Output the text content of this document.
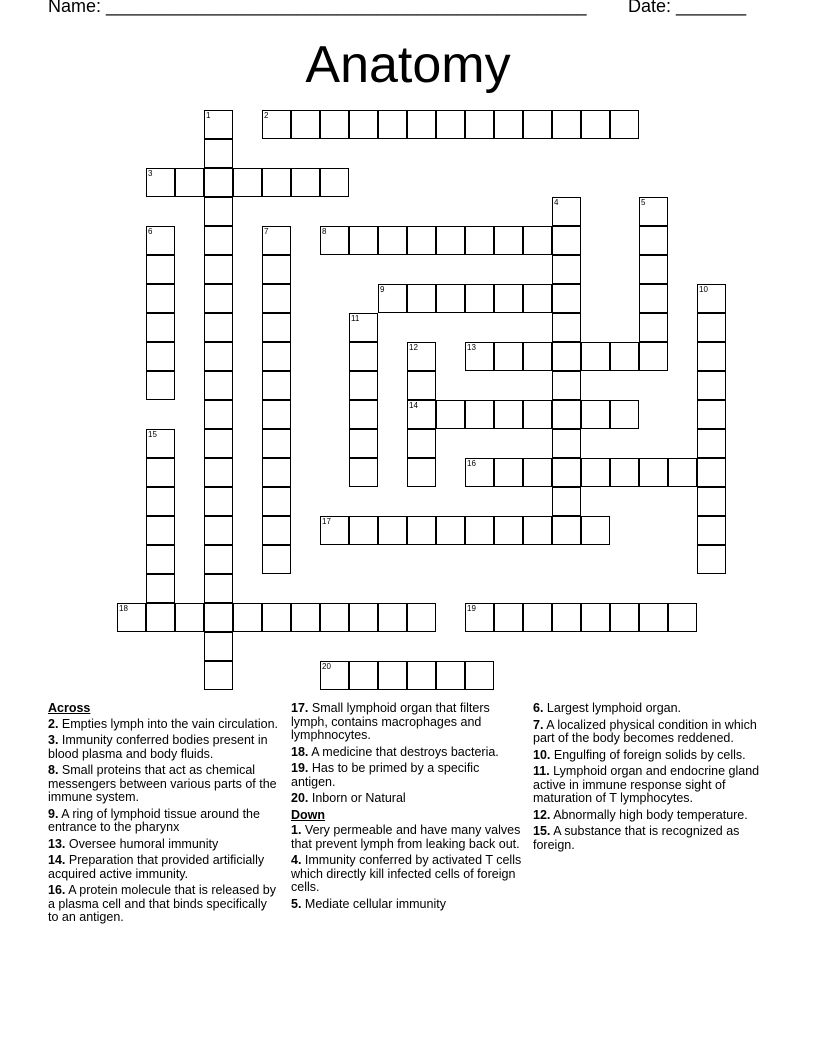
Name: ________________________________________________ Date: _______
Anatomy
1	2
3
4	5
6	7	8
9	10
11
12
14
13
15
16
17
18	19
20
Across
2. Empties lymph into the vain circulation.
3. Immunity conferred bodies present in blood plasma and body fluids.
8. Small proteins that act as chemical messengers between various parts of the immune system.
9. A ring of lymphoid tissue around the entrance to the pharynx
13. Oversee humoral immunity
14. Preparation that provided artificially acquired active immunity.
16. A protein molecule that is released by a plasma cell and that binds specifically to an antigen.
17. Small lymphoid organ that filters lymph, contains macrophages and lymphnocytes.
18. A medicine that destroys bacteria.
19. Has to be primed by a specific antigen.
20. Inborn or Natural
Down
1. Very permeable and have many valves that prevent lymph from leaking back out.
4. Immunity conferred by activated T cells which directly kill infected cells of foreign cells.
5. Mediate cellular immunity
6. Largest lymphoid organ.
7. A localized physical condition in which part of the body becomes reddened.
10. Engulfing of foreign solids by cells.
11. Lymphoid organ and endocrine gland active in immune response sight of maturation of T lymphocytes.
12. Abnormally high body temperature.
15. A substance that is recognized as foreign.
